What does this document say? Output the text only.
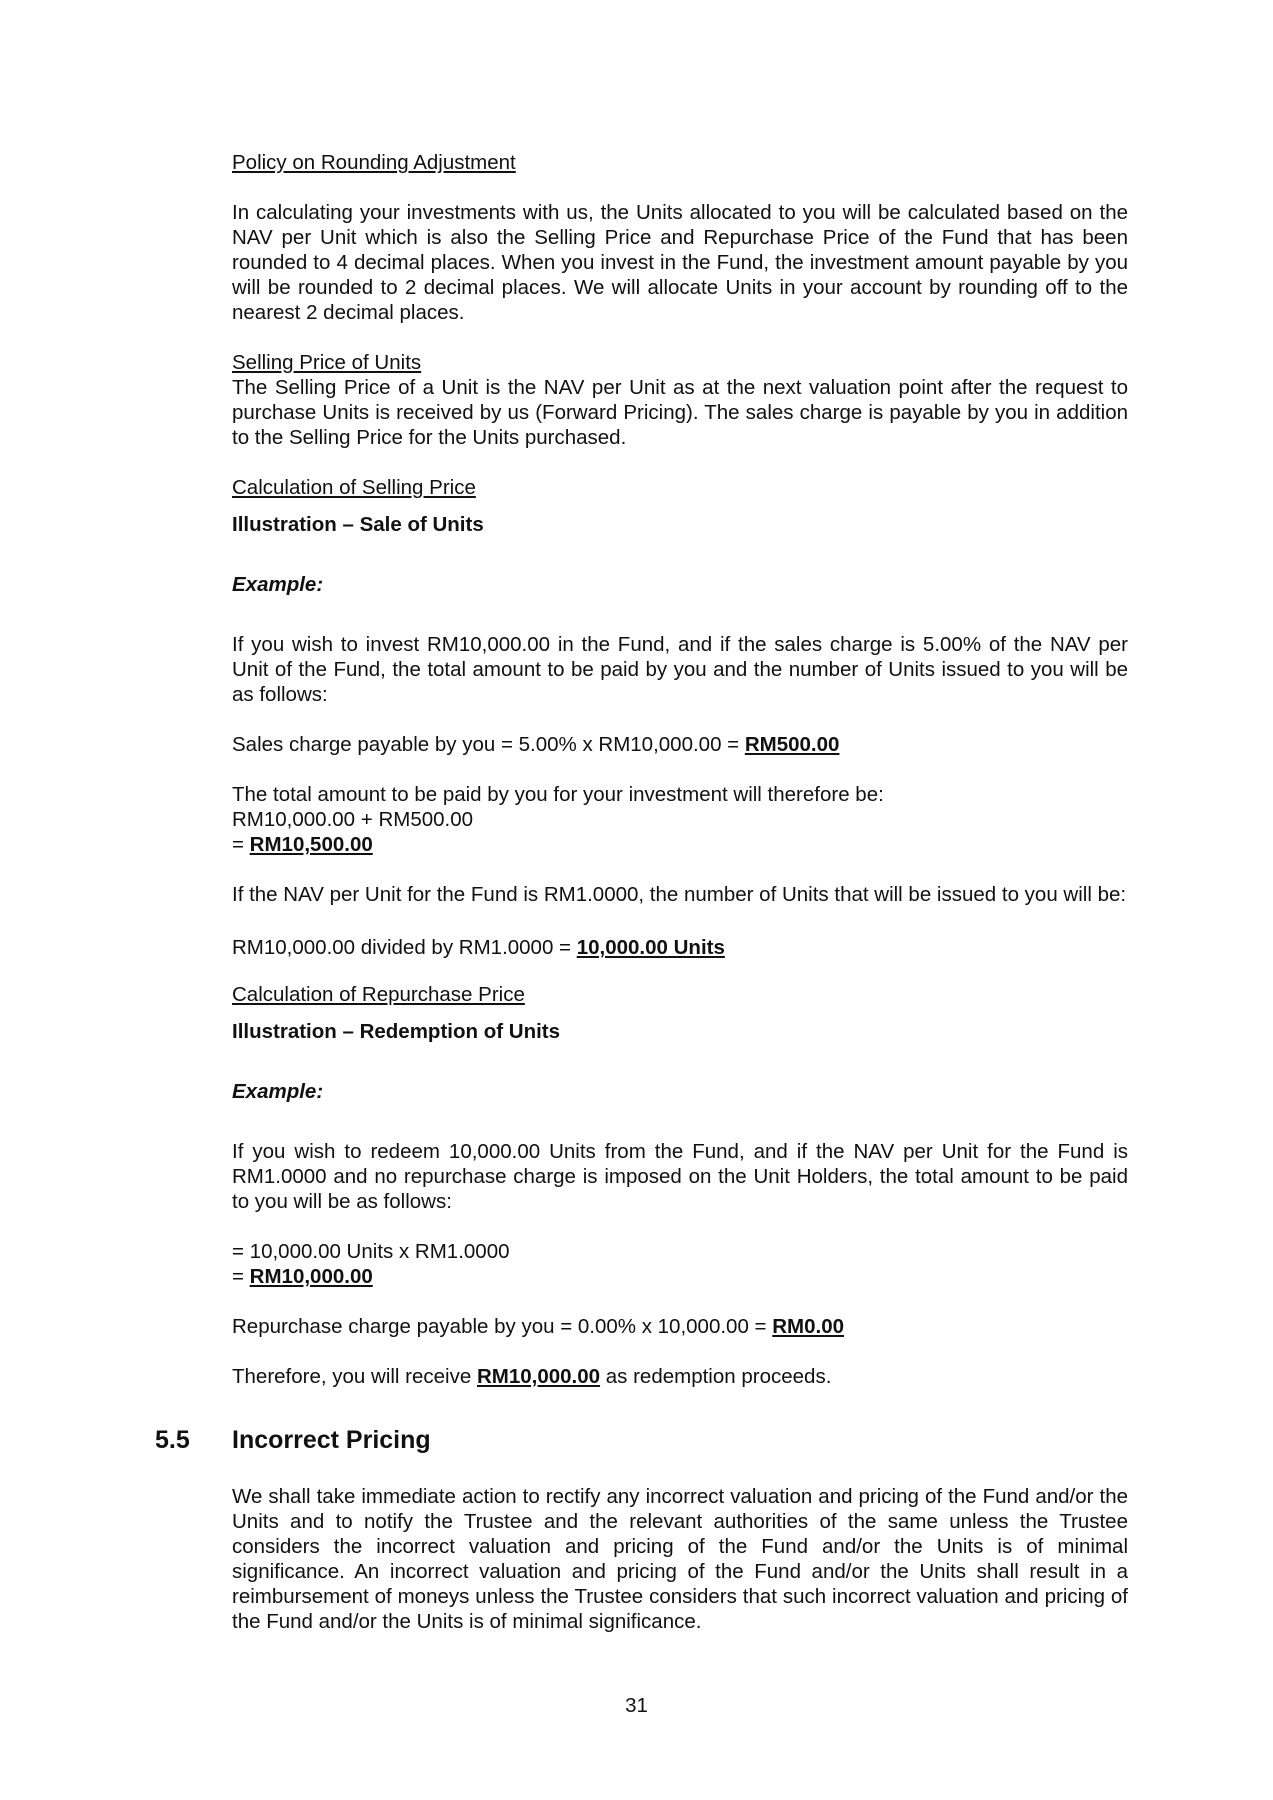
Policy on Rounding Adjustment

In calculating your investments with us, the Units allocated to you will be calculated based on the NAV per Unit which is also the Selling Price and Repurchase Price of the Fund that has been rounded to 4 decimal places. When you invest in the Fund, the investment amount payable by you will be rounded to 2 decimal places. We will allocate Units in your account by rounding off to the nearest 2 decimal places.

Selling Price of Units

The Selling Price of a Unit is the NAV per Unit as at the next valuation point after the request to purchase Units is received by us (Forward Pricing). The sales charge is payable by you in addition to the Selling Price for the Units purchased.

Calculation of Selling Price

Illustration – Sale of Units

Example:

If you wish to invest RM10,000.00 in the Fund, and if the sales charge is 5.00% of the NAV per Unit of the Fund, the total amount to be paid by you and the number of Units issued to you will be as follows:

Sales charge payable by you = 5.00% x RM10,000.00 = RM500.00

The total amount to be paid by you for your investment will therefore be:

RM10,000.00 + RM500.00

= RM10,500.00

If the NAV per Unit for the Fund is RM1.0000, the number of Units that will be issued to you will be:

RM10,000.00 divided by RM1.0000 = 10,000.00 Units

Calculation of Repurchase Price

Illustration – Redemption of Units

Example:

If you wish to redeem 10,000.00 Units from the Fund, and if the NAV per Unit for the Fund is RM1.0000 and no repurchase charge is imposed on the Unit Holders, the total amount to be paid to you will be as follows:

= 10,000.00 Units x RM1.0000

= RM10,000.00

Repurchase charge payable by you = 0.00% x 10,000.00 = RM0.00

Therefore, you will receive RM10,000.00 as redemption proceeds.

5.5 Incorrect Pricing

We shall take immediate action to rectify any incorrect valuation and pricing of the Fund and/or the Units and to notify the Trustee and the relevant authorities of the same unless the Trustee considers the incorrect valuation and pricing of the Fund and/or the Units is of minimal significance. An incorrect valuation and pricing of the Fund and/or the Units shall result in a reimbursement of moneys unless the Trustee considers that such incorrect valuation and pricing of the Fund and/or the Units is of minimal significance.

31
